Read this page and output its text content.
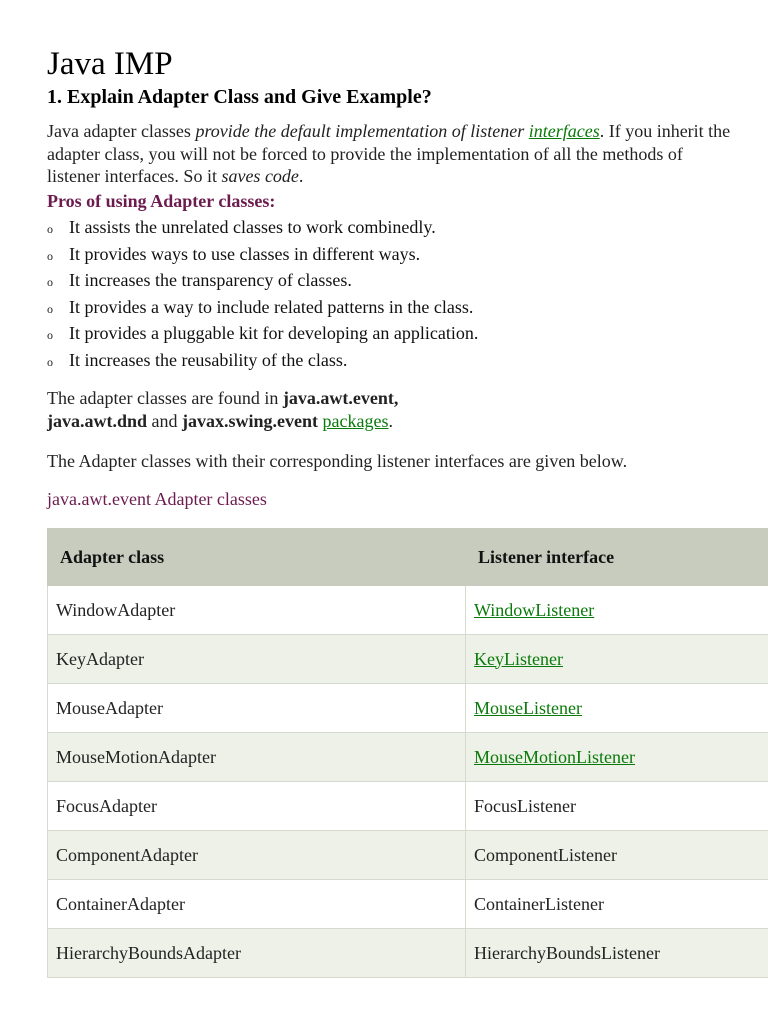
Java IMP
1. Explain Adapter Class and Give Example?

Java adapter classes provide the default implementation of listener interfaces. If you inherit the adapter class, you will not be forced to provide the implementation of all the methods of listener interfaces. So it saves code.

Pros of using Adapter classes:
o It assists the unrelated classes to work combinedly.
o It provides ways to use classes in different ways.
o It increases the transparency of classes.
o It provides a way to include related patterns in the class.
o It provides a pluggable kit for developing an application.
o It increases the reusability of the class.

The adapter classes are found in java.awt.event,
java.awt.dnd and javax.swing.event packages.

The Adapter classes with their corresponding listener interfaces are given below.

java.awt.event Adapter classes

Adapter class	Listener interface
WindowAdapter	WindowListener
KeyAdapter	KeyListener
MouseAdapter	MouseListener
MouseMotionAdapter	MouseMotionListener
FocusAdapter	FocusListener
ComponentAdapter	ComponentListener
ContainerAdapter	ContainerListener
HierarchyBoundsAdapter	HierarchyBoundsListener
